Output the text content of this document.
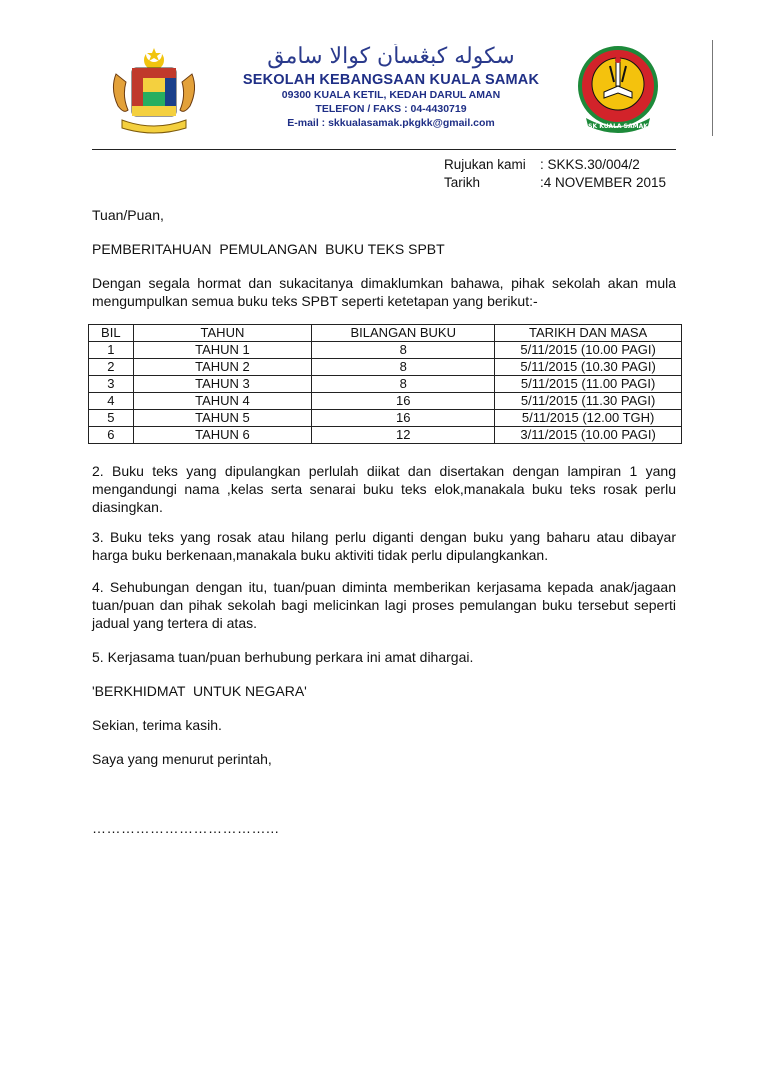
سكوله كبڠسأن كوالا سامق
SEKOLAH KEBANGSAAN KUALA SAMAK
09300 KUALA KETIL, KEDAH DARUL AMAN
TELEFON / FAKS : 04-4430719
E-mail : skkualasamak.pkgkk@gmail.com	SK KUALA SAMAK
Rujukan kami	: SKKS.30/004/2
Tarikh	:4 NOVEMBER 2015
Tuan/Puan,
PEMBERITAHUAN  PEMULANGAN  BUKU TEKS SPBT
Dengan segala hormat dan sukacitanya dimaklumkan bahawa, pihak sekolah akan mula mengumpulkan semua buku teks SPBT seperti ketetapan yang berikut:-
BIL	TAHUN	BILANGAN BUKU	TARIKH DAN MASA
1	TAHUN 1	8	5/11/2015 (10.00 PAGI)
2	TAHUN 2	8	5/11/2015 (10.30 PAGI)
3	TAHUN 3	8	5/11/2015 (11.00 PAGI)
4	TAHUN 4	16	5/11/2015 (11.30 PAGI)
5	TAHUN 5	16	5/11/2015 (12.00 TGH)
6	TAHUN 6	12	3/11/2015 (10.00 PAGI)
2. Buku teks yang dipulangkan perlulah diikat dan disertakan dengan lampiran 1 yang mengandungi nama ,kelas serta senarai buku teks elok,manakala buku teks rosak perlu diasingkan.
3. Buku teks yang rosak atau hilang perlu diganti dengan buku yang baharu atau dibayar harga buku berkenaan,manakala buku aktiviti tidak perlu dipulangkankan.
4. Sehubungan dengan itu, tuan/puan diminta memberikan kerjasama kepada anak/jagaan tuan/puan dan pihak sekolah bagi melicinkan lagi proses pemulangan buku tersebut seperti jadual yang tertera di atas.
5. Kerjasama tuan/puan berhubung perkara ini amat dihargai.
'BERKHIDMAT  UNTUK NEGARA'
Sekian, terima kasih.
Saya yang menurut perintah,
………………………………...
